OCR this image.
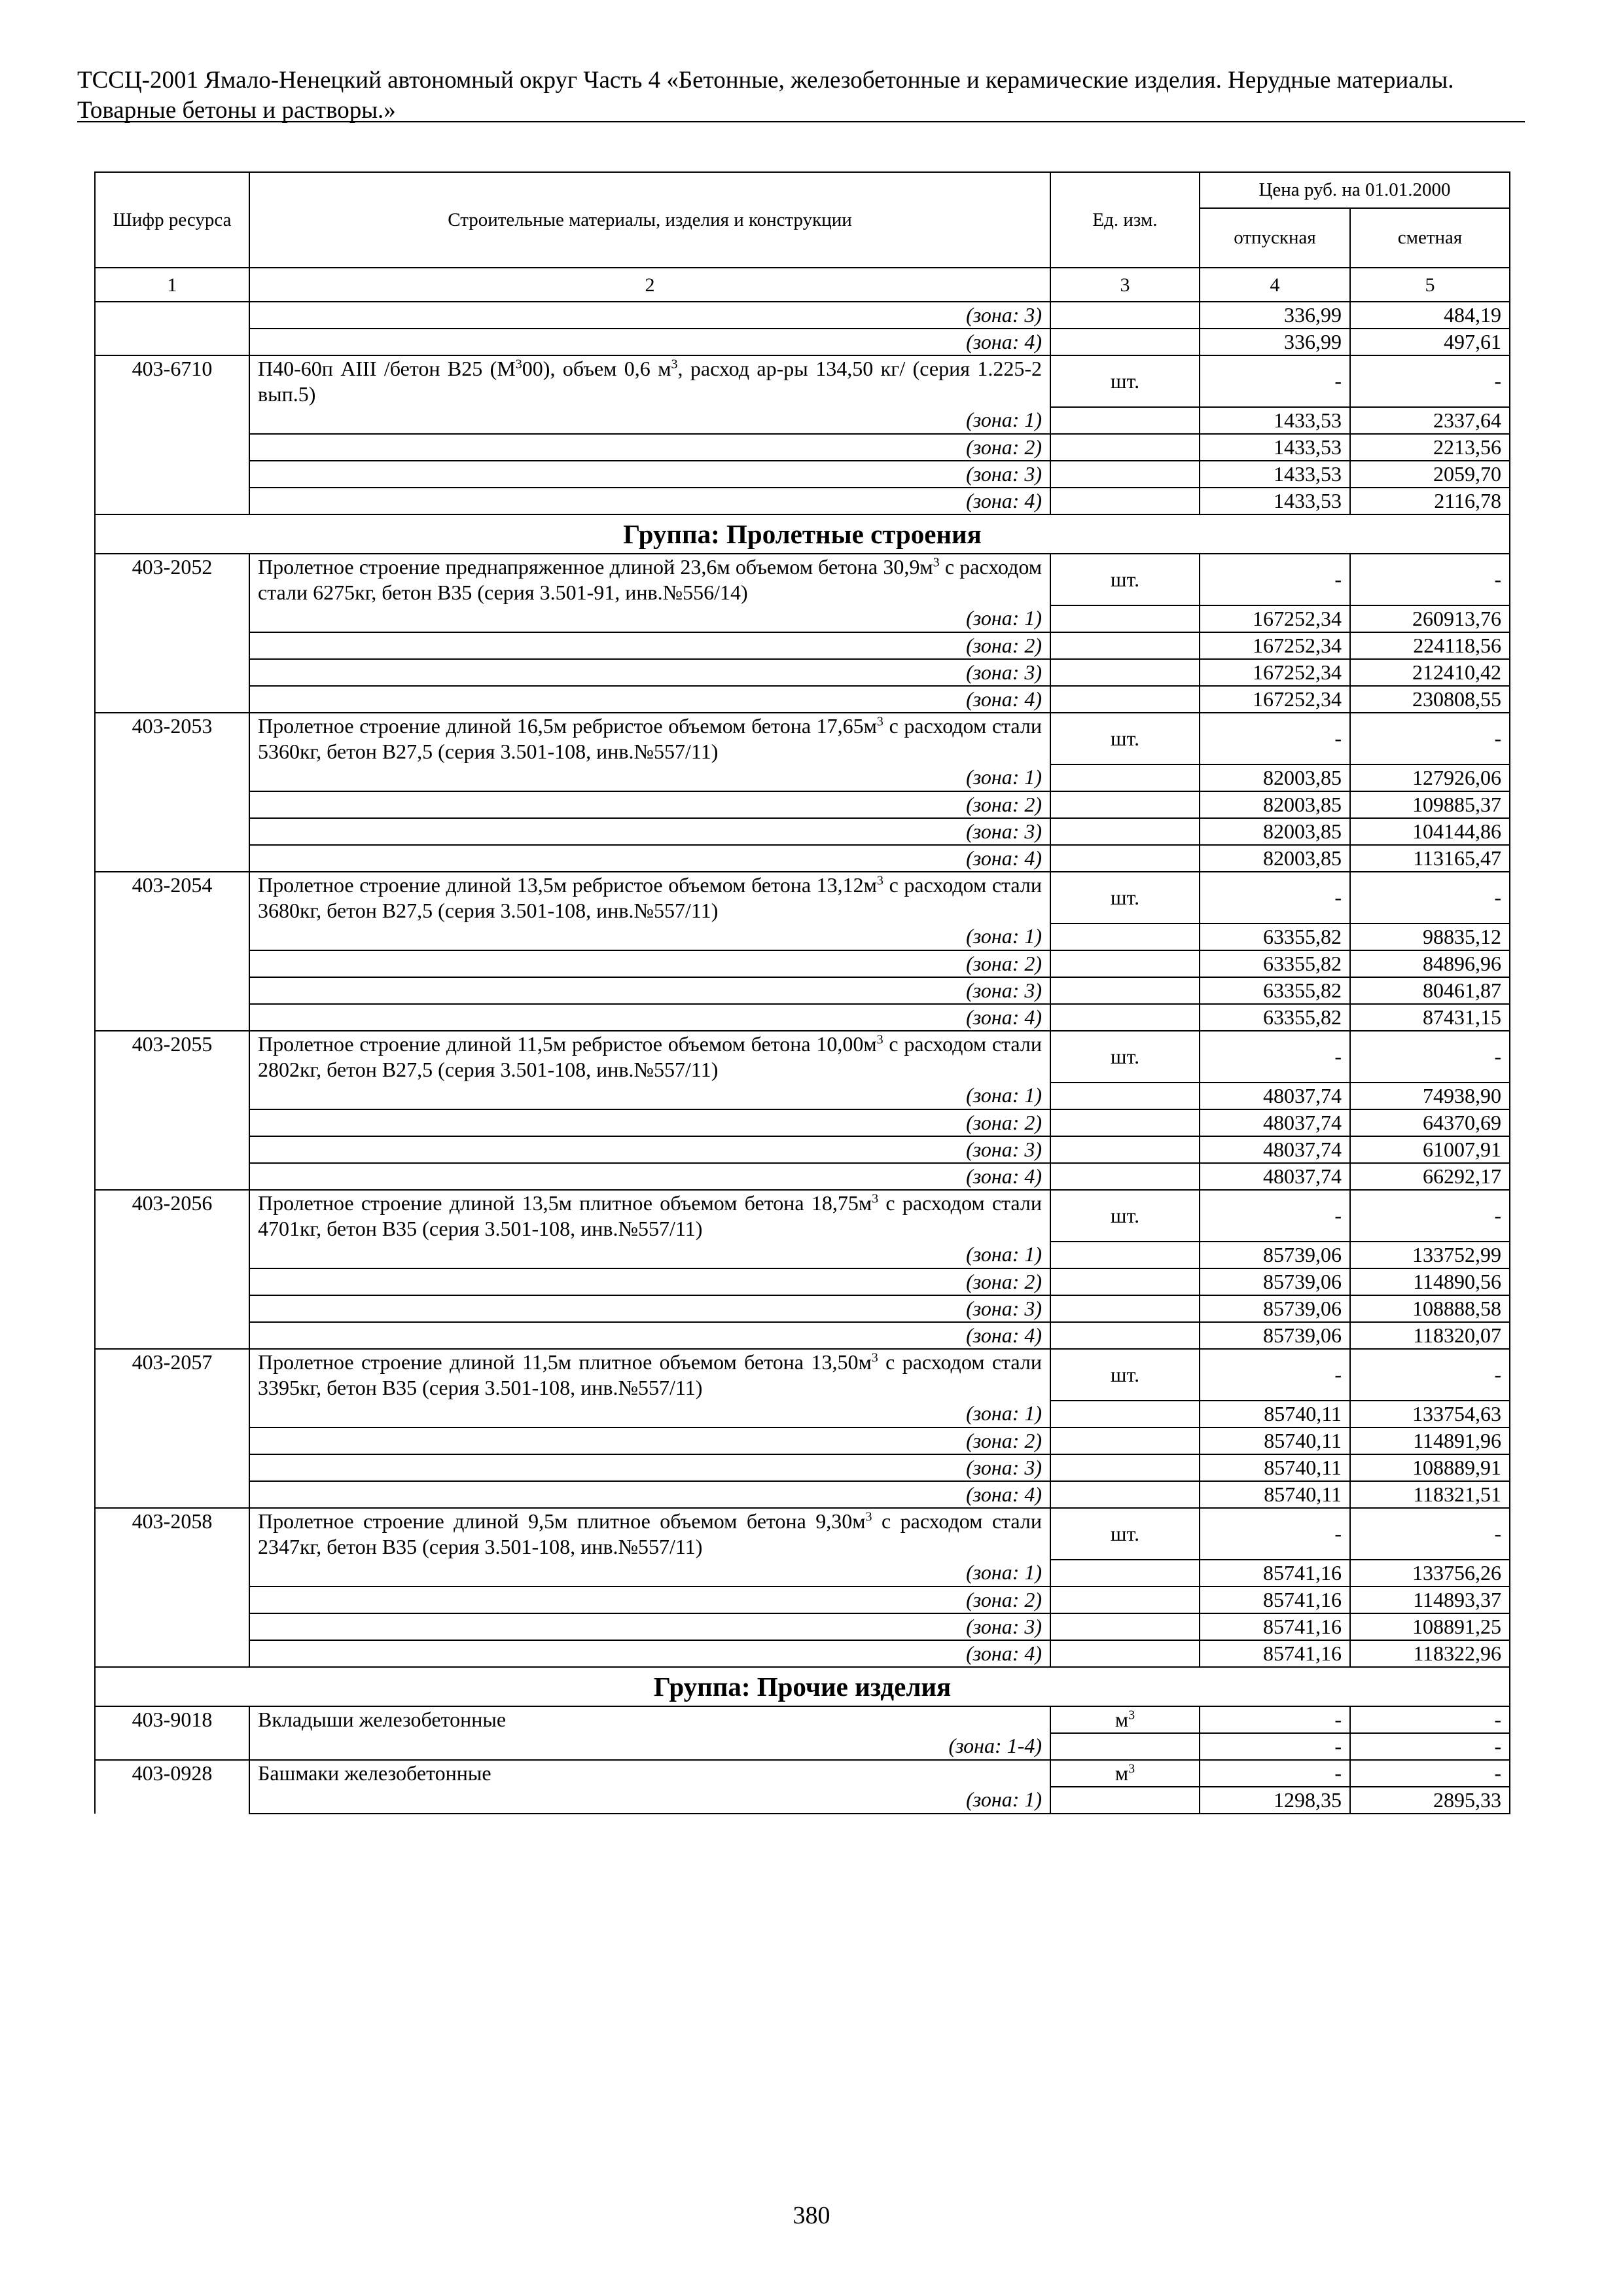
ТССЦ-2001 Ямало-Ненецкий автономный округ Часть 4 «Бетонные, железобетонные и керамические изделия. Нерудные материалы.
Товарные бетоны и растворы.»
Шифр ресурса	Строительные материалы, изделия и конструкции	Ед. изм.	Цена руб. на 01.01.2000	
			отпускная	сметная
1	2	3	4	5
	(зона: 3)		336,99	484,19
	(зона: 4)		336,99	497,61
403-6710	П40-60п АIII /бетон В25 $(М^300)$, объем 0,6 $м^3$, расход ар-ры 134,50 кг/ (серия 1.225-2 вып.5)	шт.	-	-
	(зона: 1)		1433,53	2337,64
	(зона: 2)		1433,53	2213,56
	(зона: 3)		1433,53	2059,70
	(зона: 4)		1433,53	2116,78
Группа: Пролетные строения				
403-2052	Пролетное строение преднапряженное длиной 23,6м объемом бетона $30,9м^3$ с расходом стали 6275кг, бетон В35 (серия 3.501-91, инв.№556/14)	шт.	-	-
	(зона: 1)		167252,34	260913,76
	(зона: 2)		167252,34	224118,56
	(зона: 3)		167252,34	212410,42
	(зона: 4)		167252,34	230808,55
403-2053	Пролетное строение длиной 16,5м ребристое объемом бетона $17,65м^3$ с расходом стали 5360кг, бетон В27,5 (серия 3.501-108, инв.№557/11)	шт.	-	-
	(зона: 1)		82003,85	127926,06
	(зона: 2)		82003,85	109885,37
	(зона: 3)		82003,85	104144,86
	(зона: 4)		82003,85	113165,47
403-2054	Пролетное строение длиной 13,5м ребристое объемом бетона $13,12м^3$ с расходом стали 3680кг, бетон В27,5 (серия 3.501-108, инв.№557/11)	шт.	-	-
	(зона: 1)		63355,82	98835,12
	(зона: 2)		63355,82	84896,96
	(зона: 3)		63355,82	80461,87
	(зона: 4)		63355,82	87431,15
403-2055	Пролетное строение длиной 11,5м ребристое объемом бетона $10,00м^3$ с расходом стали 2802кг, бетон В27,5 (серия 3.501-108, инв.№557/11)	шт.	-	-
	(зона: 1)		48037,74	74938,90
	(зона: 2)		48037,74	64370,69
	(зона: 3)		48037,74	61007,91
	(зона: 4)		48037,74	66292,17
403-2056	Пролетное строение длиной 13,5м плитное объемом бетона $18,75м^3$ с расходом стали 4701кг, бетон В35 (серия 3.501-108, инв.№557/11)	шт.	-	-
	(зона: 1)		85739,06	133752,99
	(зона: 2)		85739,06	114890,56
	(зона: 3)		85739,06	108888,58
	(зона: 4)		85739,06	118320,07
403-2057	Пролетное строение длиной 11,5м плитное объемом бетона $13,50м^3$ с расходом стали 3395кг, бетон В35 (серия 3.501-108, инв.№557/11)	шт.	-	-
	(зона: 1)		85740,11	133754,63
	(зона: 2)		85740,11	114891,96
	(зона: 3)		85740,11	108889,91
	(зона: 4)		85740,11	118321,51
403-2058	Пролетное строение длиной 9,5м плитное объемом бетона $9,30м^3$ с расходом стали 2347кг, бетон В35 (серия 3.501-108, инв.№557/11)	шт.	-	-
	(зона: 1)		85741,16	133756,26
	(зона: 2)		85741,16	114893,37
	(зона: 3)		85741,16	108891,25
	(зона: 4)		85741,16	118322,96
Группа: Прочие изделия				
403-9018	Вкладыши железобетонные	$м^3$	-	-
	(зона: 1-4)		-	-
403-0928	Башмаки железобетонные	$м^3$	-	-
	(зона: 1)		1298,35	2895,33
380
